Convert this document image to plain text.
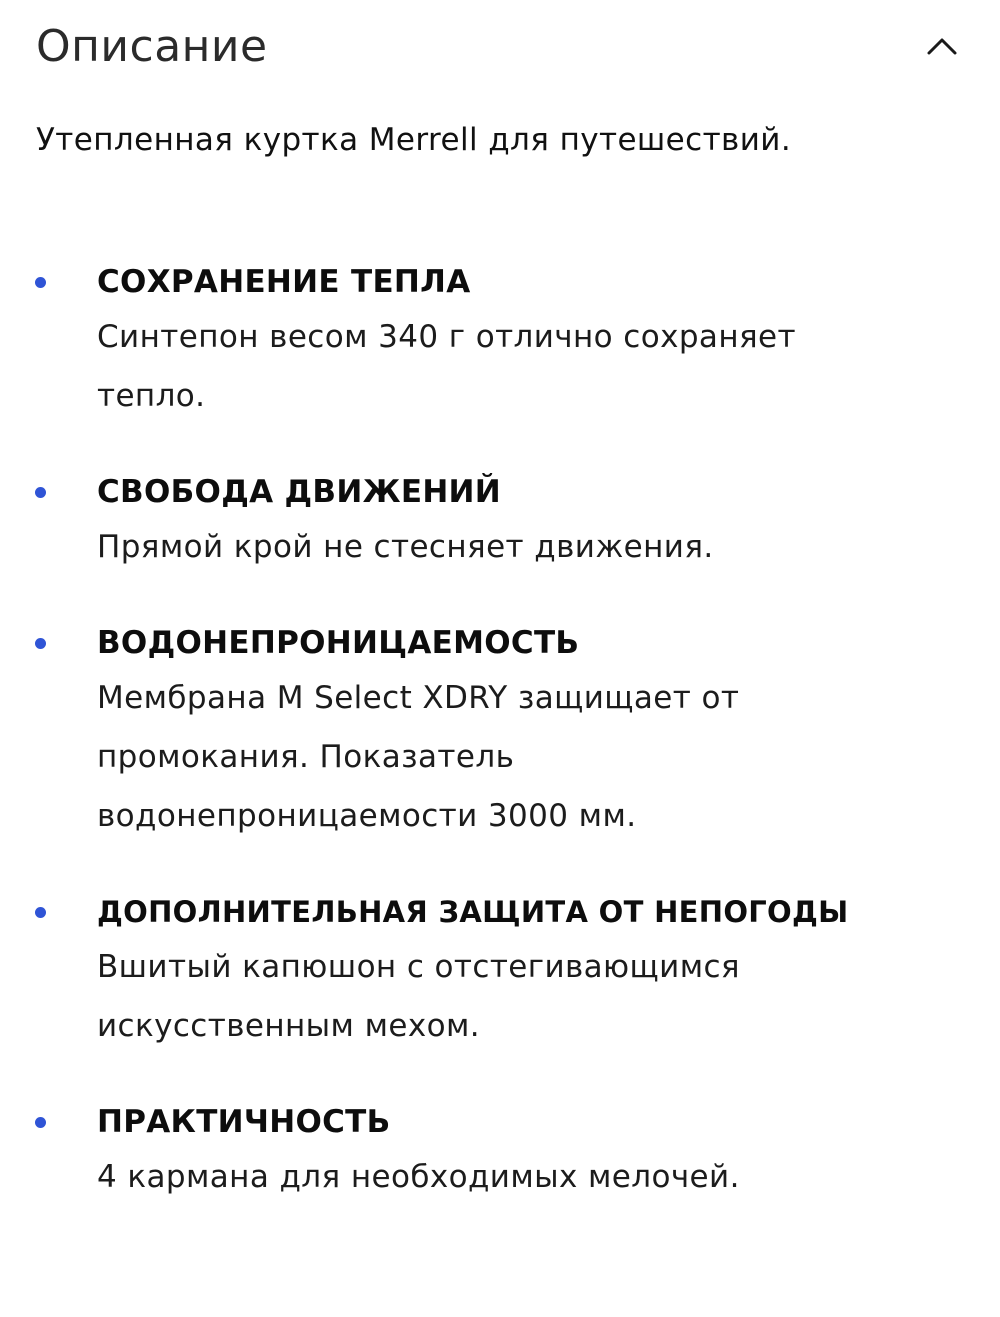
Описание
Утепленная куртка Merrell для путешествий.
СОХРАНЕНИЕ ТЕПЛА
Синтепон весом 340 г отлично сохраняет тепло.
СВОБОДА ДВИЖЕНИЙ
Прямой крой не стесняет движения.
ВОДОНЕПРОНИЦАЕМОСТЬ
Мембрана M Select XDRY защищает от промокания. Показатель водонепроницаемости 3000 мм.
ДОПОЛНИТЕЛЬНАЯ ЗАЩИТА ОТ НЕПОГОДЫ
Вшитый капюшон с отстегивающимся искусственным мехом.
ПРАКТИЧНОСТЬ
4 кармана для необходимых мелочей.
